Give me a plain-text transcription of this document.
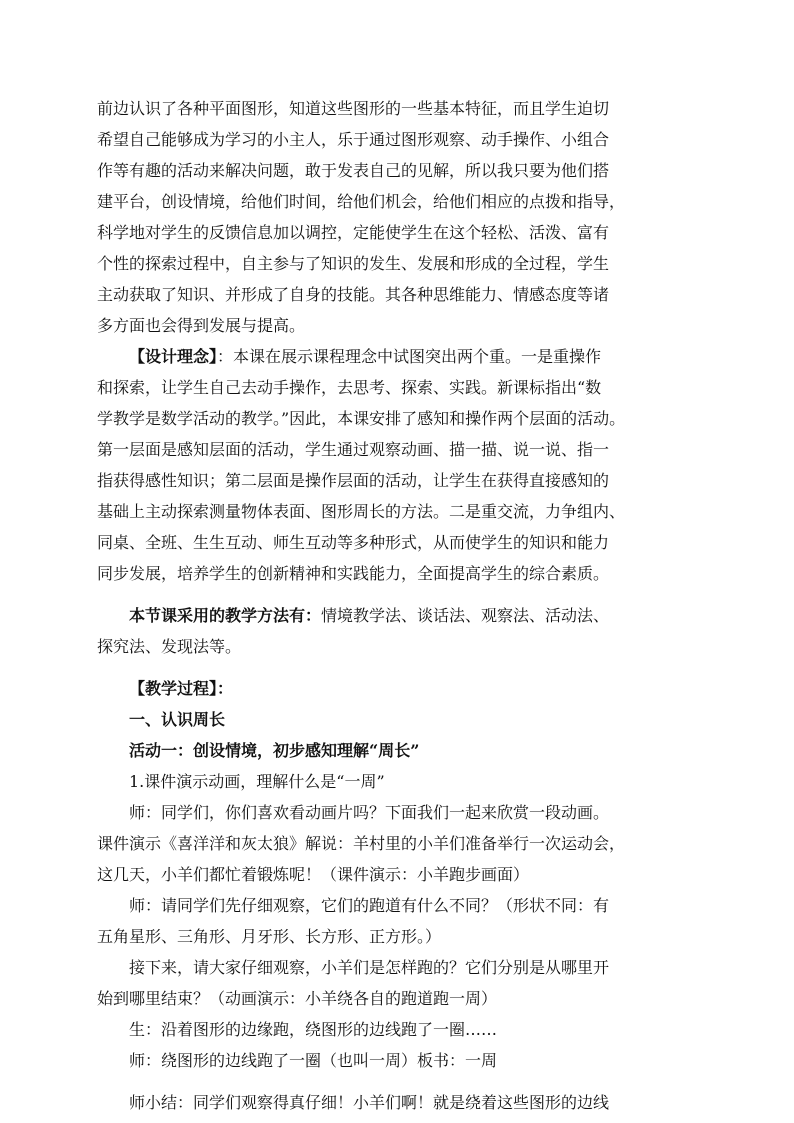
前边认识了各种平面图形，知道这些图形的一些基本特征，而且学生迫切
希望自己能够成为学习的小主人，乐于通过图形观察、动手操作、小组合
作等有趣的活动来解决问题，敢于发表自己的见解，所以我只要为他们搭
建平台，创设情境，给他们时间，给他们机会，给他们相应的点拨和指导，
科学地对学生的反馈信息加以调控，定能使学生在这个轻松、活泼、富有
个性的探索过程中，自主参与了知识的发生、发展和形成的全过程，学生
主动获取了知识、并形成了自身的技能。其各种思维能力、情感态度等诸
多方面也会得到发展与提高。
【设计理念】：本课在展示课程理念中试图突出两个重。一是重操作
和探索，让学生自己去动手操作，去思考、探索、实践。新课标指出“数
学教学是数学活动的教学。”因此，本课安排了感知和操作两个层面的活动。
第一层面是感知层面的活动，学生通过观察动画、描一描、说一说、指一
指获得感性知识；第二层面是操作层面的活动，让学生在获得直接感知的
基础上主动探索测量物体表面、图形周长的方法。二是重交流，力争组内、
同桌、全班、生生互动、师生互动等多种形式，从而使学生的知识和能力
同步发展，培养学生的创新精神和实践能力，全面提高学生的综合素质。
本节课采用的教学方法有：情境教学法、谈话法、观察法、活动法、
探究法、发现法等。
【教学过程】：
一、认识周长
活动一：创设情境，初步感知理解“周长”
1.课件演示动画，理解什么是“一周”
师：同学们，你们喜欢看动画片吗？下面我们一起来欣赏一段动画。
课件演示《喜洋洋和灰太狼》解说：羊村里的小羊们准备举行一次运动会，
这几天，小羊们都忙着锻炼呢！（课件演示：小羊跑步画面）
师：请同学们先仔细观察，它们的跑道有什么不同？（形状不同：有
五角星形、三角形、月牙形、长方形、正方形。）
接下来，请大家仔细观察，小羊们是怎样跑的？它们分别是从哪里开
始到哪里结束？（动画演示：小羊绕各自的跑道跑一周）
生：沿着图形的边缘跑，绕图形的边线跑了一圈……
师：绕图形的边线跑了一圈（也叫一周）板书：一周
师小结：同学们观察得真仔细！小羊们啊！就是绕着这些图形的边线
